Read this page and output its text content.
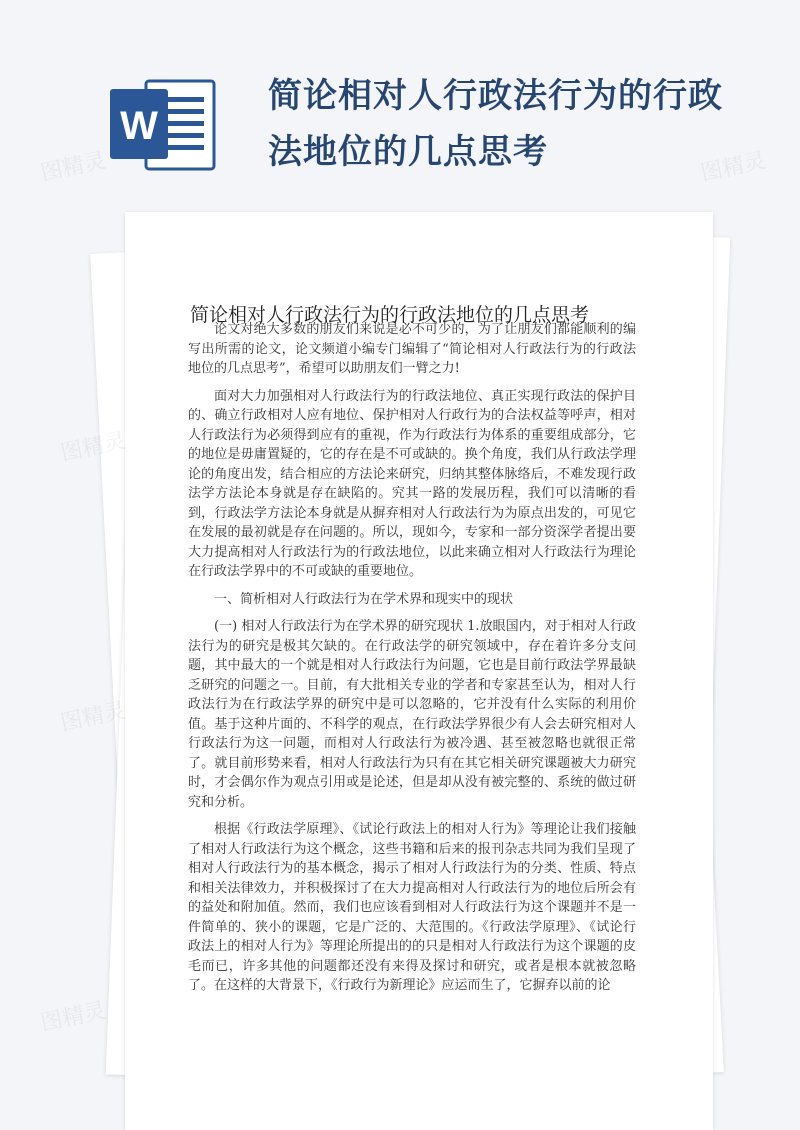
W
简论相对人行政法行为的行政
法地位的几点思考
简论相对人行政法行为的行政法地位的几点思考

论文对绝大多数的朋友们来说是必不可少的，为了让朋友们都能顺利的编写出所需的论文，论文频道小编专门编辑了“简论相对人行政法行为的行政法地位的几点思考”，希望可以助朋友们一臂之力!

面对大力加强相对人行政法行为的行政法地位、真正实现行政法的保护目的、确立行政相对人应有地位、保护相对人行政行为的合法权益等呼声，相对人行政法行为必须得到应有的重视，作为行政法行为体系的重要组成部分，它的地位是毋庸置疑的，它的存在是不可或缺的。换个角度，我们从行政法学理论的角度出发，结合相应的方法论来研究，归纳其整体脉络后，不难发现行政法学方法论本身就是存在缺陷的。究其一路的发展历程，我们可以清晰的看到，行政法学方法论本身就是从摒弃相对人行政法行为为原点出发的，可见它在发展的最初就是存在问题的。所以，现如今，专家和一部分资深学者提出要大力提高相对人行政法行为的行政法地位，以此来确立相对人行政法行为理论在行政法学界中的不可或缺的重要地位。

一、简析相对人行政法行为在学术界和现实中的现状

(一) 相对人行政法行为在学术界的研究现状 1.放眼国内，对于相对人行政法行为的研究是极其欠缺的。在行政法学的研究领域中，存在着许多分支问题，其中最大的一个就是相对人行政法行为问题，它也是目前行政法学界最缺乏研究的问题之一。目前，有大批相关专业的学者和专家甚至认为，相对人行政法行为在行政法学界的研究中是可以忽略的，它并没有什么实际的利用价值。基于这种片面的、不科学的观点，在行政法学界很少有人会去研究相对人行政法行为这一问题，而相对人行政法行为被冷遇、甚至被忽略也就很正常了。就目前形势来看，相对人行政法行为只有在其它相关研究课题被大力研究时，才会偶尔作为观点引用或是论述，但是却从没有被完整的、系统的做过研究和分析。

根据《行政法学原理》、《试论行政法上的相对人行为》等理论让我们接触了相对人行政法行为这个概念，这些书籍和后来的报刊杂志共同为我们呈现了相对人行政法行为的基本概念，揭示了相对人行政法行为的分类、性质、特点和相关法律效力，并积极探讨了在大力提高相对人行政法行为的地位后所会有的益处和附加值。然而，我们也应该看到相对人行政法行为这个课题并不是一件简单的、狭小的课题，它是广泛的、大范围的。《行政法学原理》、《试论行政法上的相对人行为》等理论所提出的的只是相对人行政法行为这个课题的皮毛而已，许多其他的问题都还没有来得及探讨和研究，或者是根本就被忽略了。在这样的大背景下，《行政行为新理论》应运而生了，它摒弃以前的论

图精灵	图精灵
图精灵
图精灵
图精灵
